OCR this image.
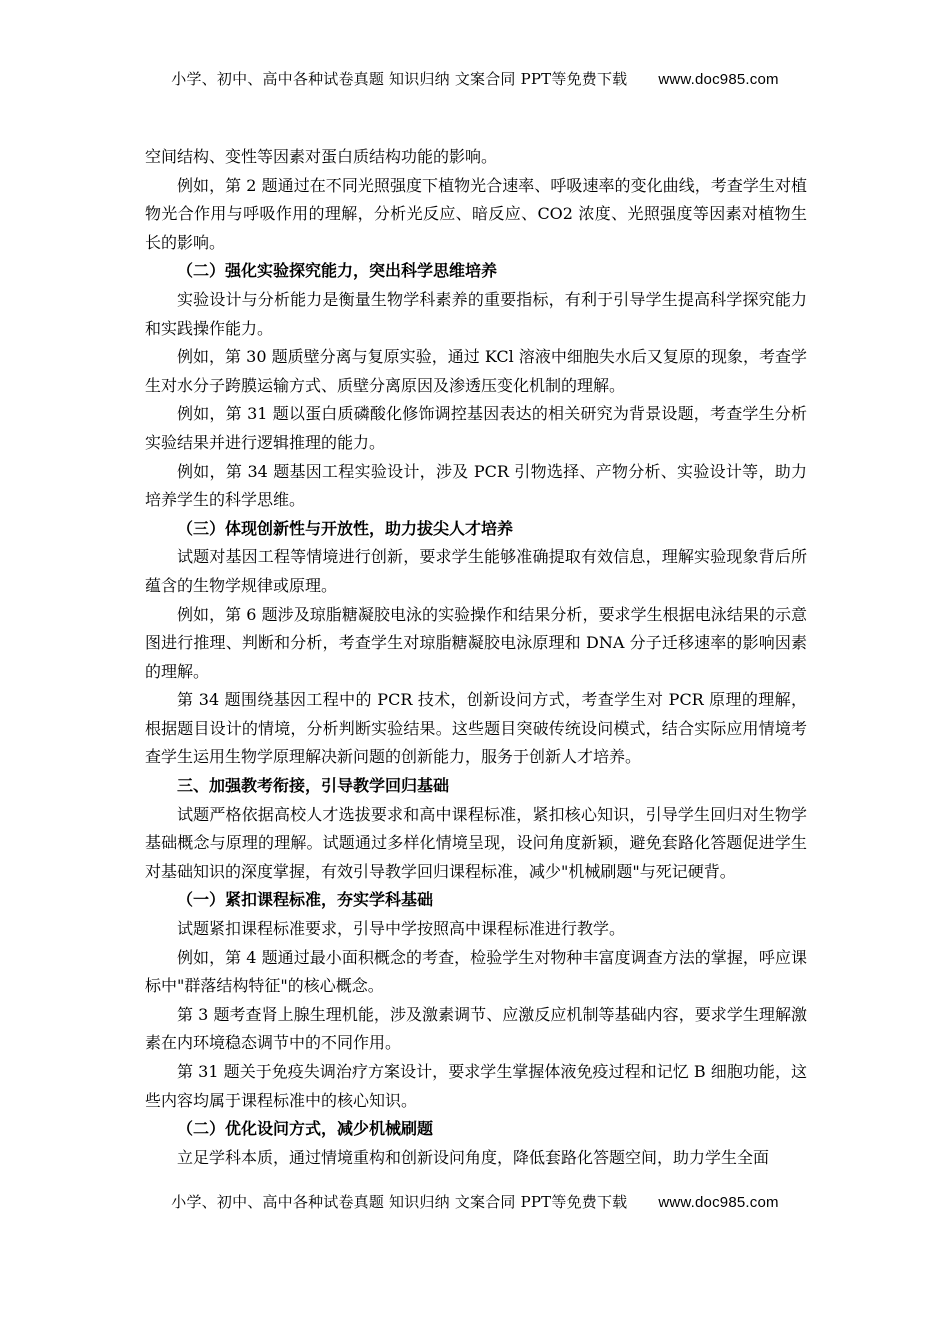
小学、初中、高中各种试卷真题 知识归纳 文案合同 PPT等免费下载 www.doc985.com

空间结构、变性等因素对蛋白质结构功能的影响。

例如，第 2 题通过在不同光照强度下植物光合速率、呼吸速率的变化曲线，考查学生对植物光合作用与呼吸作用的理解，分析光反应、暗反应、CO2 浓度、光照强度等因素对植物生长的影响。

（二）强化实验探究能力，突出科学思维培养

实验设计与分析能力是衡量生物学科素养的重要指标，有利于引导学生提高科学探究能力和实践操作能力。

例如，第 30 题质壁分离与复原实验，通过 KCl 溶液中细胞失水后又复原的现象，考查学生对水分子跨膜运输方式、质壁分离原因及渗透压变化机制的理解。

例如，第 31 题以蛋白质磷酸化修饰调控基因表达的相关研究为背景设题，考查学生分析实验结果并进行逻辑推理的能力。

例如，第 34 题基因工程实验设计，涉及 PCR 引物选择、产物分析、实验设计等，助力培养学生的科学思维。

（三）体现创新性与开放性，助力拔尖人才培养

试题对基因工程等情境进行创新，要求学生能够准确提取有效信息，理解实验现象背后所蕴含的生物学规律或原理。

例如，第 6 题涉及琼脂糖凝胶电泳的实验操作和结果分析，要求学生根据电泳结果的示意图进行推理、判断和分析，考查学生对琼脂糖凝胶电泳原理和 DNA 分子迁移速率的影响因素的理解。

第 34 题围绕基因工程中的 PCR 技术，创新设问方式，考查学生对 PCR 原理的理解，根据题目设计的情境，分析判断实验结果。这些题目突破传统设问模式，结合实际应用情境考查学生运用生物学原理解决新问题的创新能力，服务于创新人才培养。

三、加强教考衔接，引导教学回归基础

试题严格依据高校人才选拔要求和高中课程标准，紧扣核心知识，引导学生回归对生物学基础概念与原理的理解。试题通过多样化情境呈现，设问角度新颖，避免套路化答题促进学生对基础知识的深度掌握，有效引导教学回归课程标准，减少"机械刷题"与死记硬背。

（一）紧扣课程标准，夯实学科基础

试题紧扣课程标准要求，引导中学按照高中课程标准进行教学。

例如，第 4 题通过最小面积概念的考查，检验学生对物种丰富度调查方法的掌握，呼应课标中"群落结构特征"的核心概念。

第 3 题考查肾上腺生理机能，涉及激素调节、应激反应机制等基础内容，要求学生理解激素在内环境稳态调节中的不同作用。

第 31 题关于免疫失调治疗方案设计，要求学生掌握体液免疫过程和记忆 B 细胞功能，这些内容均属于课程标准中的核心知识。

（二）优化设问方式，减少机械刷题

立足学科本质，通过情境重构和创新设问角度，降低套路化答题空间，助力学生全面

小学、初中、高中各种试卷真题 知识归纳 文案合同 PPT等免费下载 www.doc985.com
